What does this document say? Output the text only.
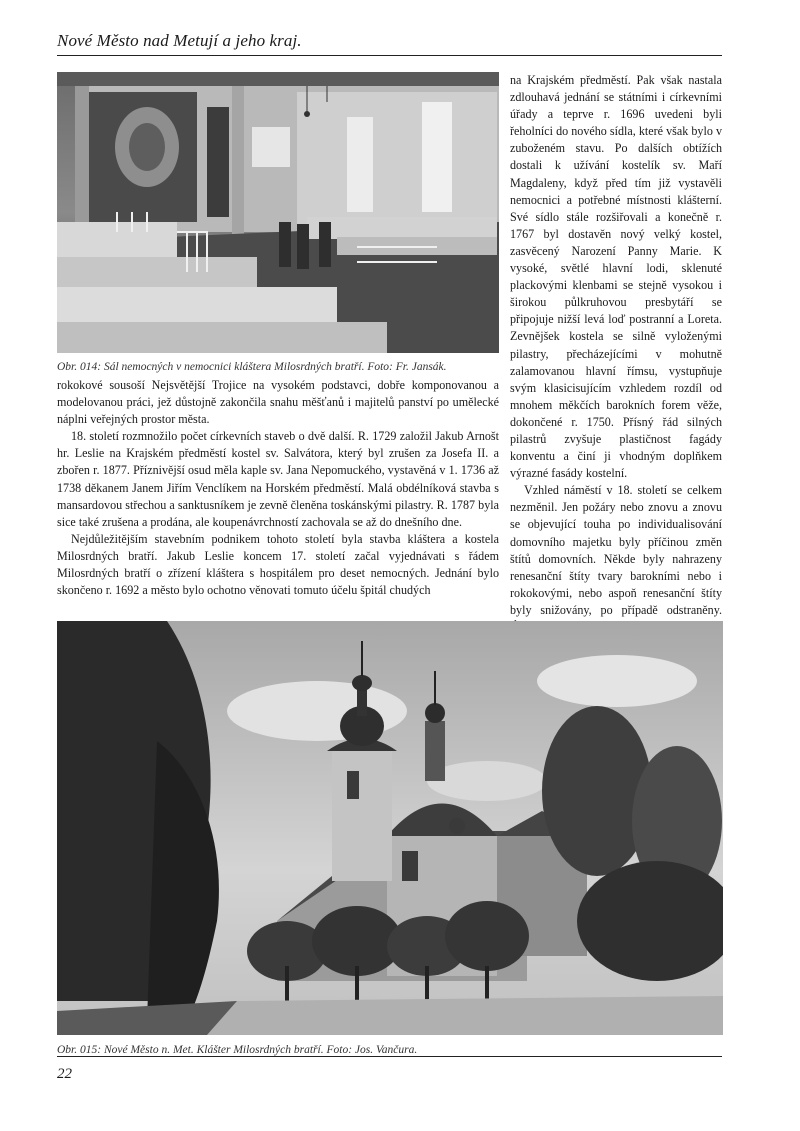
Nové Město nad Metují a jeho kraj.
Obr. 014: Sál nemocných v nemocnici kláštera Milosrdných bratří. Foto: Fr. Jansák.

na Krajském předměstí. Pak však nastala zdlouhavá jednání se státními i církevními úřady a teprve r. 1696 uvedeni byli řeholníci do nového sídla, které však bylo v zuboženém stavu. Po dalších obtížích dostali k užívání kostelík sv. Maří Magdaleny, když před tím již vystavěli nemocnici a potřebné místnosti klášterní. Své sídlo stále rozšiřovali a konečně r. 1767 byl dostavěn nový velký kostel, zasvěcený Narození Panny Marie. K vysoké, světlé hlavní lodi, sklenuté plackovými klenbami se stejně vysokou i širokou půlkruhovou presbytáří se připojuje nižší levá loď postranní a Loreta. Zevnějšek kostela se silně vyloženými pilastry, přecházejícími v mohutně zalamovanou hlavní římsu, vystupňuje svým klasicisujícím vzhledem rozdíl od mnohem měkčích barokních forem věže, dokončené r. 1750. Přísný řád silných pilastrů zvyšuje plastičnost fagády konventu a činí ji vhodným doplňkem výrazné fasády kostelní.

Vzhled náměstí v 18. století se celkem nezměnil. Jen požáry nebo znovu a znovu se objevující touha po individualisování domovního majetku byly příčinou změn štítů domovních. Někde byly nahrazeny renesanční štíty tvary barokními nebo i rokokovými, nebo aspoň renesanční štíty byly snižovány, po případě odstraněny.

rokokové sousoší Nejsvětější Trojice na vysokém podstavci, dobře komponovanou a modelovanou práci, jež důstojně zakončila snahu měšťanů i majitelů panství po umělecké náplni veřejných prostor města.

18. století rozmnožilo počet církevních staveb o dvě další. R. 1729 založil Jakub Arnošt hr. Leslie na Krajském předměstí kostel sv. Salvátora, který byl zrušen za Josefa II. a zbořen r. 1877. Příznivější osud měla kaple sv. Jana Nepomuckého, vystavěná v 1. 1736 až 1738 děkanem Janem Jiřím Venclíkem na Horském předměstí. Malá obdélníková stavba s mansardovou střechou a sanktusníkem je zevně členěna toskánskými pilastry. R. 1787 byla sice také zrušena a prodána, ale koupenávrchností zachovala se až do dnešního dne.

Nejdůležitějším stavebním podnikem tohoto století byla stavba kláštera a kostela Milosrdných bratří. Jakub Leslie koncem 17. století začal vyjednávati s řádem Milosrdných bratří o zřízení kláštera s hospitálem pro deset nemocných. Jednání bylo skončeno r. 1692 a město bylo ochotno věnovati tomuto účelu špitál chudých

Obr. 015: Nové Město n. Met. Klášter Milosrdných bratří. Foto: Jos. Vančura.
22
